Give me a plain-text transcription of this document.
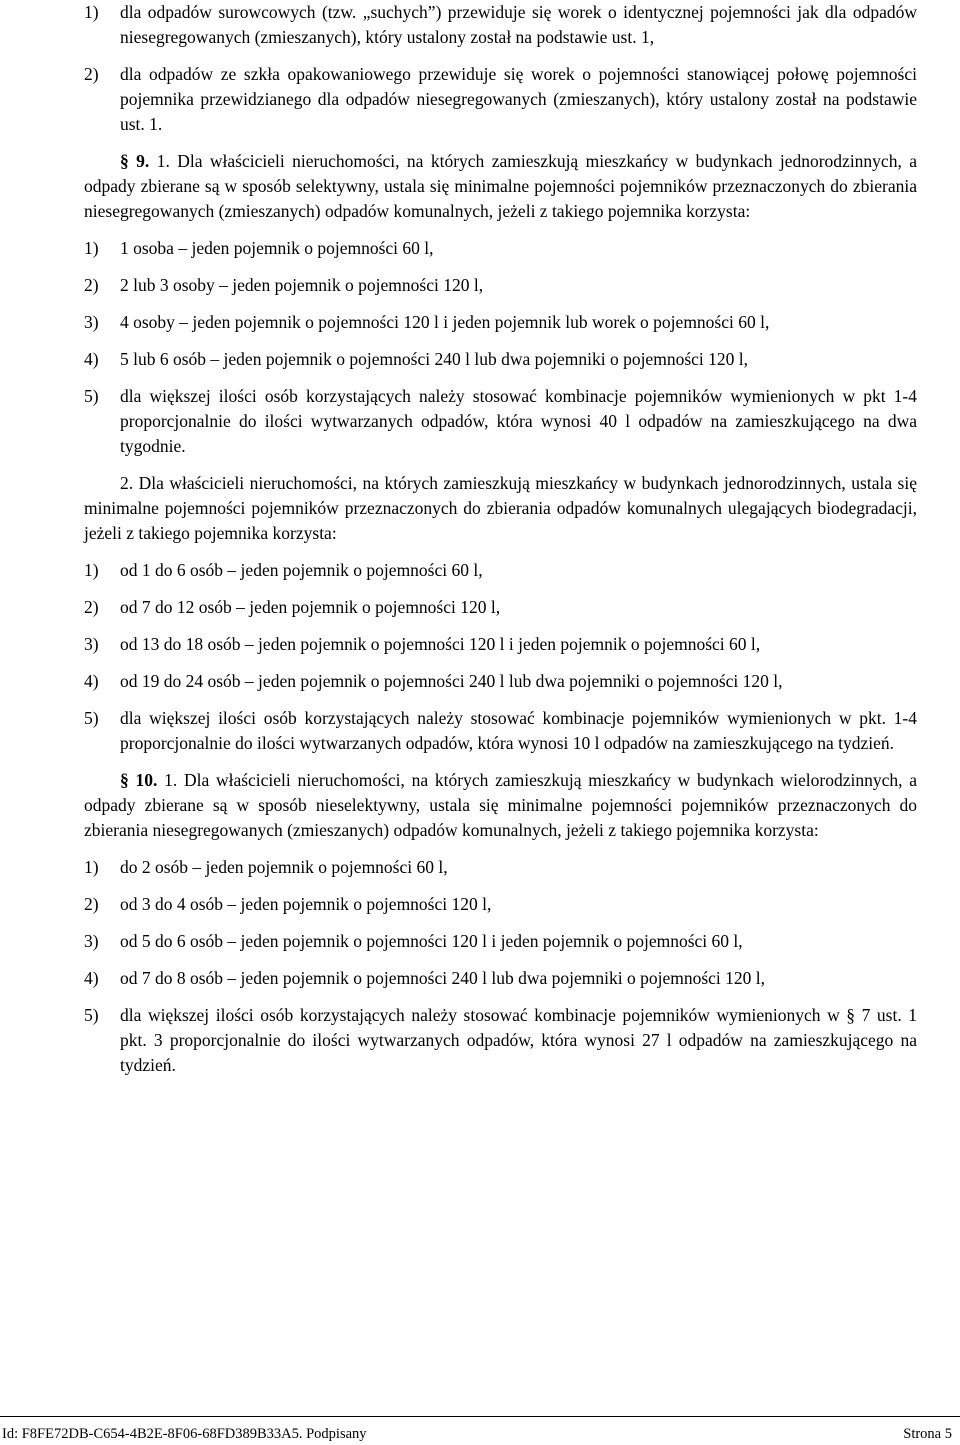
1)	dla odpadów surowcowych (tzw. „suchych”) przewiduje się worek o identycznej pojemności jak dla odpadów niesegregowanych (zmieszanych), który ustalony został na podstawie ust. 1,
2)	dla odpadów ze szkła opakowaniowego przewiduje się worek o pojemności stanowiącej połowę pojemności pojemnika przewidzianego dla odpadów niesegregowanych (zmieszanych), który ustalony został na podstawie ust. 1.

§ 9. 1. Dla właścicieli nieruchomości, na których zamieszkują mieszkańcy w budynkach jednorodzinnych, a odpady zbierane są w sposób selektywny, ustala się minimalne pojemności pojemników przeznaczonych do zbierania niesegregowanych (zmieszanych) odpadów komunalnych, jeżeli z takiego pojemnika korzysta:

1)	1 osoba – jeden pojemnik o pojemności 60 l,
2)	2 lub 3 osoby – jeden pojemnik o pojemności 120 l,
3)	4 osoby – jeden pojemnik o pojemności 120 l i jeden pojemnik lub worek o pojemności 60 l,
4)	5 lub 6 osób – jeden pojemnik o pojemności 240 l lub dwa pojemniki o pojemności 120 l,
5)	dla większej ilości osób korzystających należy stosować kombinacje pojemników wymienionych w pkt 1-4 proporcjonalnie do ilości wytwarzanych odpadów, która wynosi 40 l odpadów na zamieszkującego na dwa tygodnie.

2. Dla właścicieli nieruchomości, na których zamieszkują mieszkańcy w budynkach jednorodzinnych, ustala się minimalne pojemności pojemników przeznaczonych do zbierania odpadów komunalnych ulegających biodegradacji, jeżeli z takiego pojemnika korzysta:

1)	od 1 do 6 osób – jeden pojemnik o pojemności 60 l,
2)	od 7 do 12 osób – jeden pojemnik o pojemności 120 l,
3)	od 13 do 18 osób – jeden pojemnik o pojemności 120 l i jeden pojemnik o pojemności 60 l,
4)	od 19 do 24 osób – jeden pojemnik o pojemności 240 l lub dwa pojemniki o pojemności 120 l,
5)	dla większej ilości osób korzystających należy stosować kombinacje pojemników wymienionych w pkt. 1-4 proporcjonalnie do ilości wytwarzanych odpadów, która wynosi 10 l odpadów na zamieszkującego na tydzień.

§ 10. 1. Dla właścicieli nieruchomości, na których zamieszkują mieszkańcy w budynkach wielorodzinnych, a odpady zbierane są w sposób nieselektywny, ustala się minimalne pojemności pojemników przeznaczonych do zbierania niesegregowanych (zmieszanych) odpadów komunalnych, jeżeli z takiego pojemnika korzysta:

1)	do 2 osób – jeden pojemnik o pojemności 60 l,
2)	od 3 do 4 osób – jeden pojemnik o pojemności 120 l,
3)	od 5 do 6 osób – jeden pojemnik o pojemności 120 l i jeden pojemnik o pojemności 60 l,
4)	od 7 do 8 osób – jeden pojemnik o pojemności 240 l lub dwa pojemniki o pojemności 120 l,
5)	dla większej ilości osób korzystających należy stosować kombinacje pojemników wymienionych w § 7 ust. 1 pkt. 3 proporcjonalnie do ilości wytwarzanych odpadów, która wynosi 27 l odpadów na zamieszkującego na tydzień.
Id: F8FE72DB-C654-4B2E-8F06-68FD389B33A5. Podpisany	Strona 5
